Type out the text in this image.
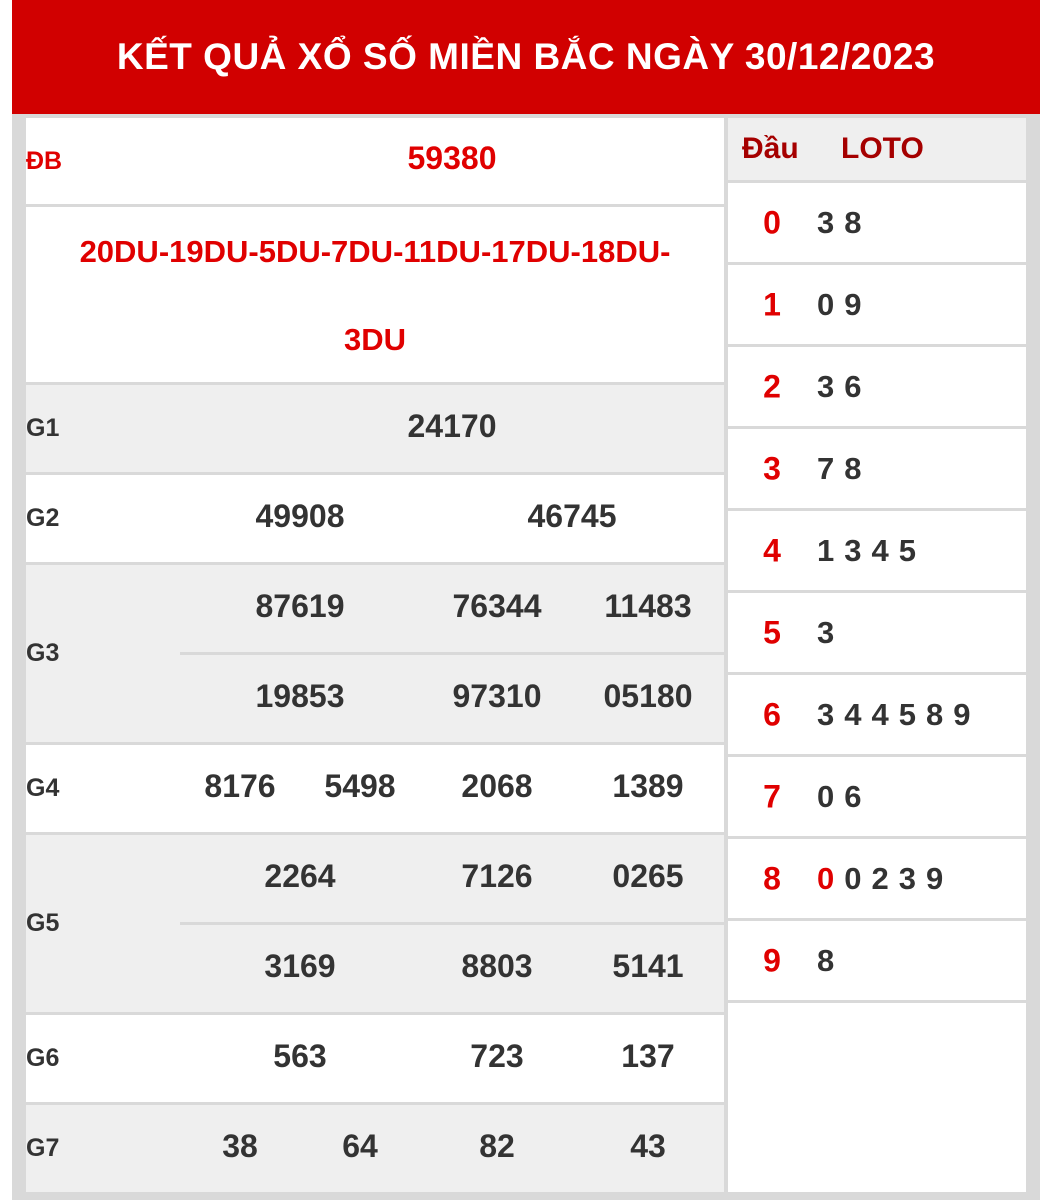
KẾT QUẢ XỔ SỐ MIỀN BẮC NGÀY 30/12/2023
ĐB	59380
20DU-19DU-5DU-7DU-11DU-17DU-18DU-
3DU
G1	24170
G2	49908	46745
G3
87619	76344 11483
19853	97310 05180
G4	8176 5498 2068 1389
G5
2264	7126 0265
3169	8803 5141
G6	563	723	137
G7	38	64	82	43
Đầu LOTO
0 3 8
1 0 9
2 3 6
3 7 8
4 1 3 4 5
5 3
6 3 4 4 5 8 9
7 0 6
8 0 0 2 3 9
9 8
